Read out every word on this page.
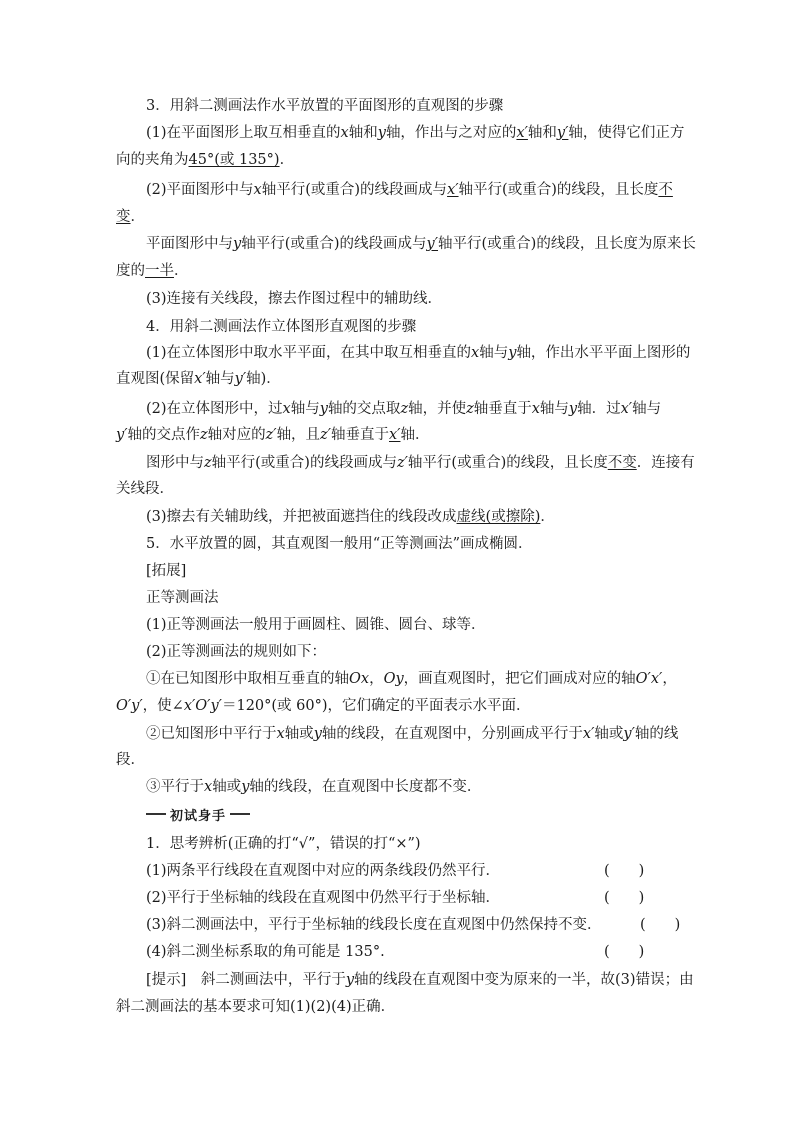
3．用斜二测画法作水平放置的平面图形的直观图的步骤
(1)在平面图形上取互相垂直的x轴和y轴，作出与之对应的x′轴和y′轴，使得它们正方
向的夹角为45°(或 135°)．
(2)平面图形中与x轴平行(或重合)的线段画成与x′轴平行(或重合)的线段，且长度不
变．
平面图形中与y轴平行(或重合)的线段画成与y′轴平行(或重合)的线段，且长度为原来长
度的一半．
(3)连接有关线段，擦去作图过程中的辅助线．
4．用斜二测画法作立体图形直观图的步骤
(1)在立体图形中取水平平面，在其中取互相垂直的x轴与y轴，作出水平平面上图形的
直观图(保留x′轴与y′轴)．
(2)在立体图形中，过x轴与y轴的交点取z轴，并使z轴垂直于x轴与y轴．过x′轴与
y′轴的交点作z轴对应的z′轴，且z′轴垂直于x′轴．
图形中与z轴平行(或重合)的线段画成与z′轴平行(或重合)的线段，且长度不变．连接有
关线段．
(3)擦去有关辅助线，并把被面遮挡住的线段改成虚线(或擦除)．
5．水平放置的圆，其直观图一般用“正等测画法”画成椭圆．
[拓展]
正等测画法
(1)正等测画法一般用于画圆柱、圆锥、圆台、球等．
(2)正等测画法的规则如下：
①在已知图形中取相互垂直的轴Ox，Oy，画直观图时，把它们画成对应的轴O′x′，
O′y′，使∠x′O′y′＝120°(或 60°)，它们确定的平面表示水平面．
②已知图形中平行于x轴或y轴的线段，在直观图中，分别画成平行于x′轴或y′轴的线
段．
③平行于x轴或y轴的线段，在直观图中长度都不变．
初试身手
1．思考辨析(正确的打“√”，错误的打“×”)
(1)两条平行线段在直观图中对应的两条线段仍然平行．	(　　)
(2)平行于坐标轴的线段在直观图中仍然平行于坐标轴．	(　　)
(3)斜二测画法中，平行于坐标轴的线段长度在直观图中仍然保持不变．	(　　)
(4)斜二测坐标系取的角可能是 135°.	(　　)
[提示]　斜二测画法中，平行于y轴的线段在直观图中变为原来的一半，故(3)错误；由
斜二测画法的基本要求可知(1)(2)(4)正确．
